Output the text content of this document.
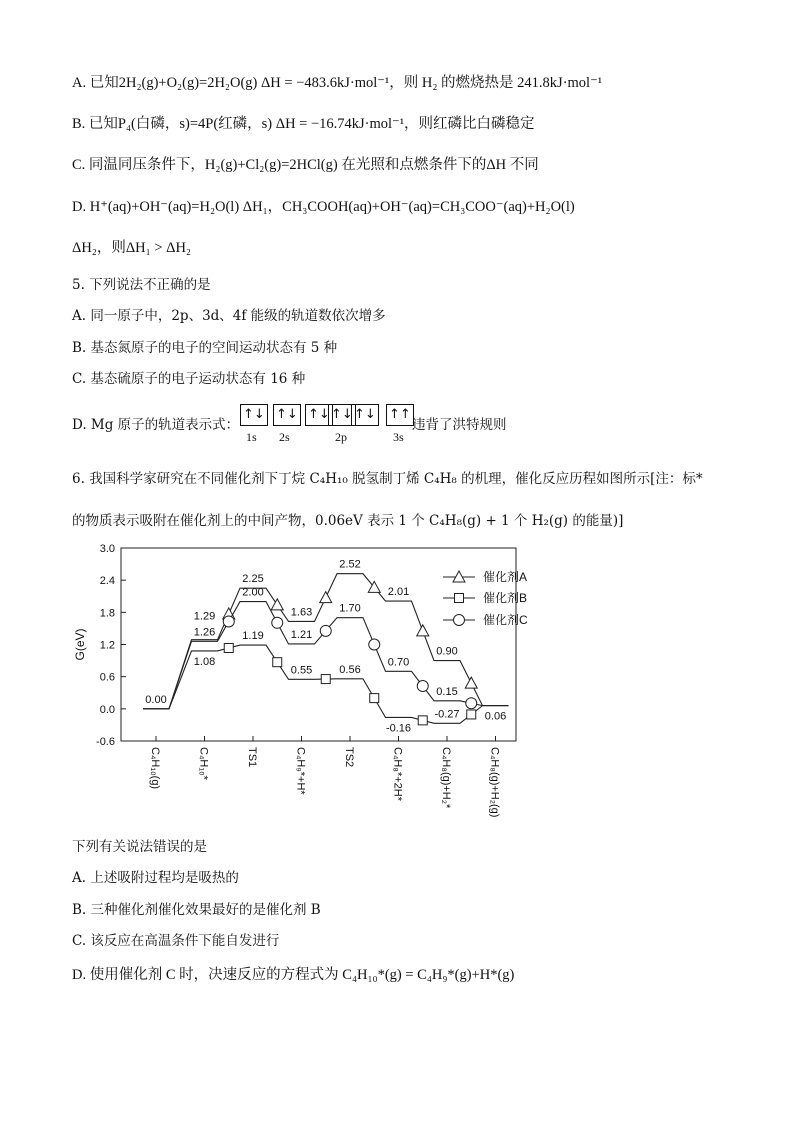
A. 已知2H₂(g)+O₂(g)=2H₂O(g) ΔH = −483.6kJ·mol⁻¹，则 H₂ 的燃烧热是 241.8kJ·mol⁻¹
B. 已知P₄(白磷，s)=4P(红磷，s) ΔH = −16.74kJ·mol⁻¹，则红磷比白磷稳定
C. 同温同压条件下，H₂(g)+Cl₂(g)=2HCl(g) 在光照和点燃条件下的ΔH 不同
D. H⁺(aq)+OH⁻(aq)=H₂O(l) ΔH₁，CH₃COOH(aq)+OH⁻(aq)=CH₃COO⁻(aq)+H₂O(l)
ΔH₂，则ΔH₁ > ΔH₂
5. 下列说法不正确的是
A. 同一原子中，2p、3d、4f 能级的轨道数依次增多
B. 基态氮原子的电子的空间运动状态有 5 种
C. 基态硫原子的电子运动状态有 16 种
D. Mg 原子的轨道表示式：
↑↓ ↑↓ ↑↓ ↑↓ ↑↓ ↑↑
1s 2s	2p	3s
违背了洪特规则
6. 我国科学家研究在不同催化剂下丁烷 C₄H₁₀ 脱氢制丁烯 C₄H₈ 的机理，催化反应历程如图所示[注：标*
的物质表示吸附在催化剂上的中间产物，0.06eV 表示 1 个 C₄H₈(g) + 1 个 H₂(g) 的能量)]
3.0
2.4
1.8
1.2
0.6
0.0
-0.6
G(eV)
C₄H₁₀(g)	C₄H₁₀*	TS1	C₄H₉*+H*	TS2	C₄H₈*+2H*	C₄H₈(g)+H₂*	C₄H₈(g)+H₂(g)
0.00
1.29
1.26
1.08
2.25
2.00
1.19
1.63
1.21
0.55
2.52
1.70
0.56
2.01
0.70
-0.16
0.90
0.15
-0.27 0.06
催化剂A
催化剂B
催化剂C
下列有关说法错误的是
A. 上述吸附过程均是吸热的
B. 三种催化剂催化效果最好的是催化剂 B
C. 该反应在高温条件下能自发进行
D. 使用催化剂 C 时，决速反应的方程式为 C₄H₁₀*(g) = C₄H₉*(g)+H*(g)
